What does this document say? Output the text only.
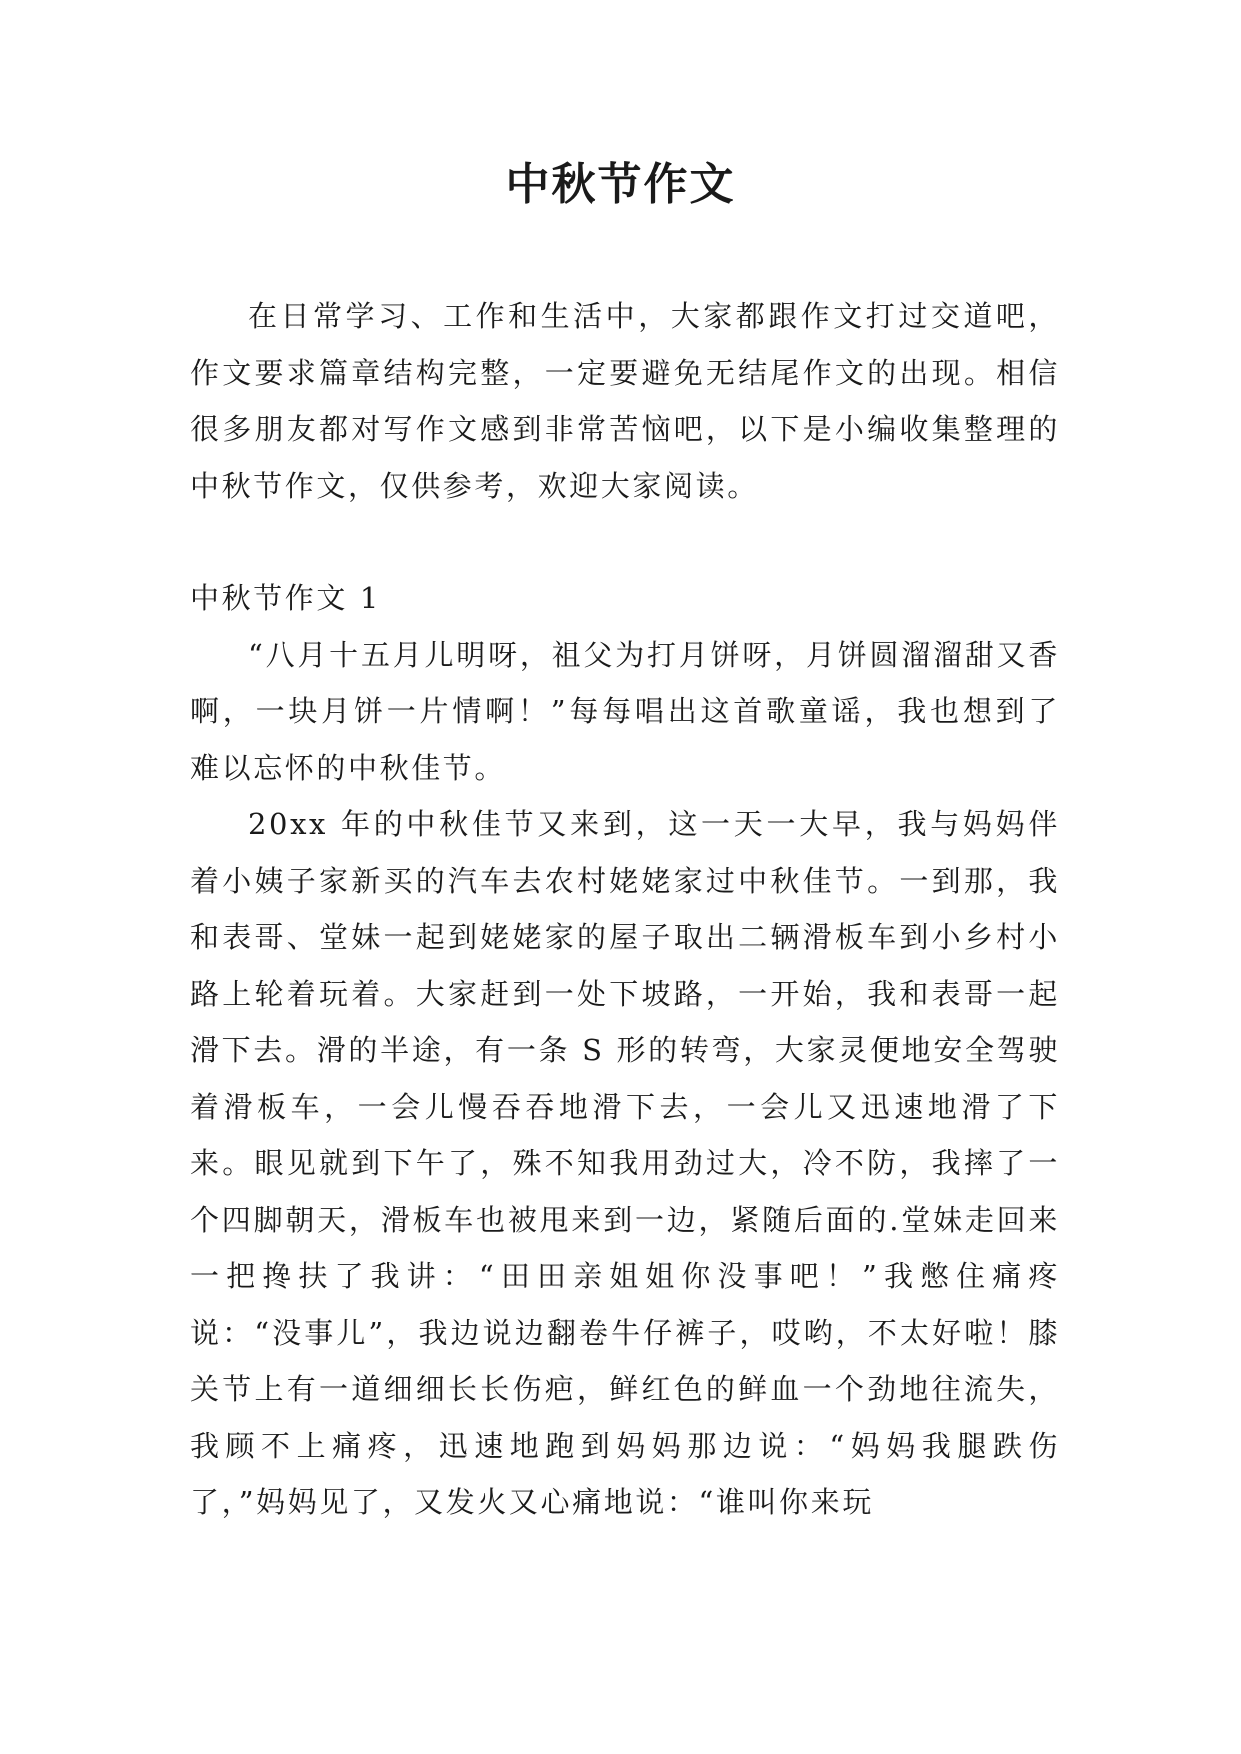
中秋节作文

在日常学习、工作和生活中，大家都跟作文打过交道吧，作文要求篇章结构完整，一定要避免无结尾作文的出现。相信很多朋友都对写作文感到非常苦恼吧，以下是小编收集整理的中秋节作文，仅供参考，欢迎大家阅读。

中秋节作文 1

“八月十五月儿明呀，祖父为打月饼呀，月饼圆溜溜甜又香啊，一块月饼一片情啊！”每每唱出这首歌童谣，我也想到了难以忘怀的中秋佳节。

20xx 年的中秋佳节又来到，这一天一大早，我与妈妈伴着小姨子家新买的汽车去农村姥姥家过中秋佳节。一到那，我和表哥、堂妹一起到姥姥家的屋子取出二辆滑板车到小乡村小路上轮着玩着。大家赶到一处下坡路，一开始，我和表哥一起滑下去。滑的半途，有一条 S 形的转弯，大家灵便地安全驾驶着滑板车，一会儿慢吞吞地滑下去，一会儿又迅速地滑了下来。眼见就到下午了，殊不知我用劲过大，冷不防，我摔了一个四脚朝天，滑板车也被甩来到一边，紧随后面的.堂妹走回来一把搀扶了我讲：“田田亲姐姐你没事吧！”我憋住痛疼说：“没事儿”，我边说边翻卷牛仔裤子，哎哟，不太好啦！膝关节上有一道细细长长伤疤，鲜红色的鲜血一个劲地往流失，我顾不上痛疼，迅速地跑到妈妈那边说：“妈妈我腿跌伤了，”妈妈见了，又发火又心痛地说：“谁叫你来玩
